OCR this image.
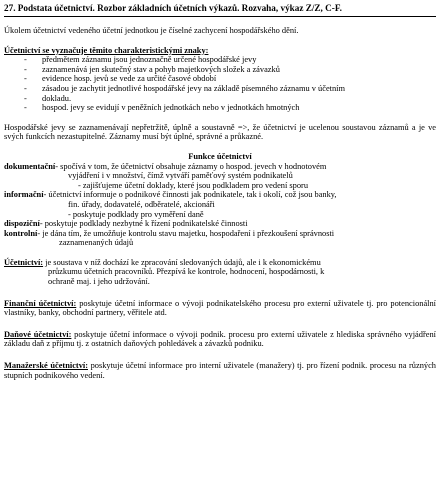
27. Podstata účetnictví. Rozbor základních účetních výkazů. Rozvaha, výkaz Z/Z, C-F.

Úkolem účetnictví vedeného účetní jednotkou je číselné zachycení hospodářského dění.

Účetnictví se vyznačuje těmito charakteristickými znaky:

- předmětem záznamu jsou jednoznačně určené hospodářské jevy
- zaznamenává jen skutečný stav a pohyb majetkových složek a závazků
- evidence hosp. jevů se vede za určité časové období
- zásadou je zachytit jednotlivé hospodářské jevy na základě písemného záznamu v účetním
- dokladu.
- hospod. jevy se evidují v peněžních jednotkách nebo v jednotkách hmotných

Hospodářské jevy se zaznamenávají nepřetržitě, úplně a soustavně =>, že účetnictví je ucelenou soustavou záznamů a je ve svých funkcích nezastupitelné. Záznamy musí být úplné, správné a průkazné.

Funkce účetnictví

dokumentační - spočívá v tom, že účetnictví obsahuje záznamy o hospod. jevech v hodnotovém

vyjádření i v množství, čímž vytváří paměťový systém podnikatelů

- zajišťujeme účetní doklady, které jsou podkladem pro vedení sporu

informační - účetnictví informuje o podnikové činnosti jak podnikatele, tak i okolí, což jsou banky,

fin. úřady, dodavatelé, odběratelé, akcionáři

- poskytuje podklady pro vyměření daně

dispoziční - poskytuje podklady nezbytné k řízení podnikatelské činnosti
kontrolní - je dána tím, že umožňuje kontrolu stavu majetku, hospodaření i přezkoušení správnosti

zaznamenaných údajů

Účetnictví: je soustava v níž dochází ke zpracování sledovaných údajů, ale i k ekonomickému

průzkumu účetních pracovníků. Přezpívá ke kontrole, hodnocení, hospodárnosti, k

ochraně maj. i jeho udržování.

Finanční účetnictví: poskytuje účetní informace o vývoji podnikatelského procesu pro externí uživatele tj. pro potencionální vlastníky, banky, obchodní partnery, věřitele atd.

Daňové účetnictví: poskytuje účetní informace o vývoji podnik. procesu pro externí uživatele z hlediska správného vyjádření základu daň z příjmu tj. z ostatních daňových pohledávek a závazků podniku.

Manažerské účetnictví: poskytuje účetní informace pro interní uživatele (manažery) tj. pro řízení podnik. procesu na různých stupních podnikového vedení.
